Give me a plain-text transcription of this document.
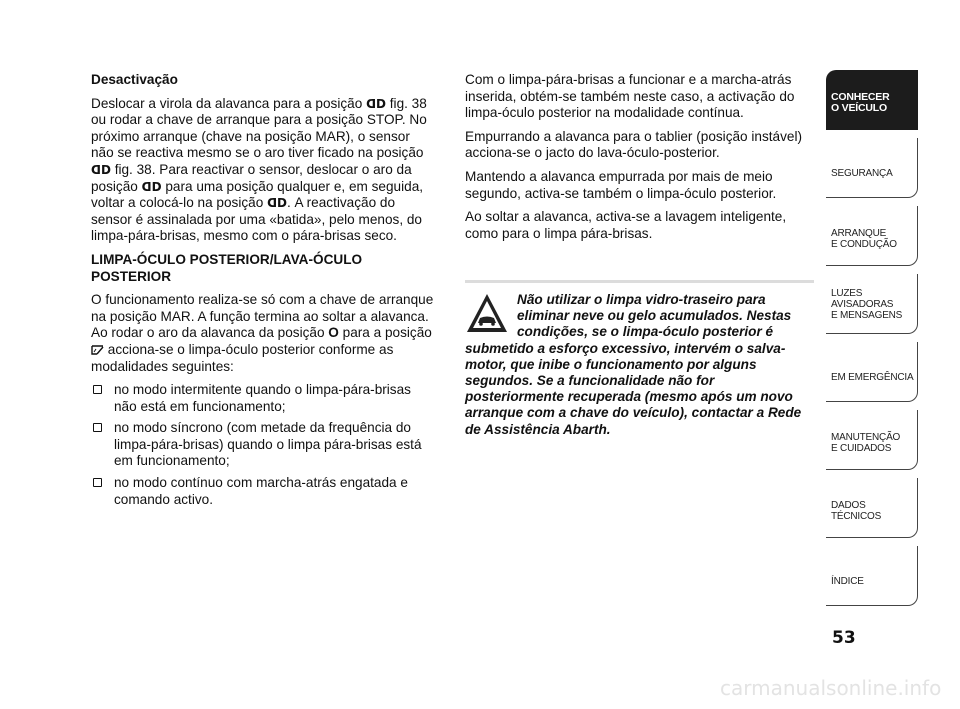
Desactivação

Deslocar a virola da alavanca para a posição ᗡᗞ fig. 38 ou rodar a chave de arranque para a posição STOP. No próximo arranque (chave na posição MAR), o sensor não se reactiva mesmo se o aro tiver ficado na posição ᗡᗞ fig. 38. Para reactivar o sensor, deslocar o aro da posição ᗡᗞ para uma posição qualquer e, em seguida, voltar a colocá-lo na posição ᗡᗞ. A reactivação do sensor é assinalada por uma «batida», pelo menos, do limpa-pára-brisas, mesmo com o pára-brisas seco.

LIMPA-ÓCULO POSTERIOR/LAVA-ÓCULO POSTERIOR

O funcionamento realiza-se só com a chave de arranque na posição MAR. A função termina ao soltar a alavanca. Ao rodar o aro da alavanca da posição O para a posição  acciona-se o limpa-óculo posterior conforme as modalidades seguintes:

no modo intermitente quando o limpa-pára-brisas não está em funcionamento;
no modo síncrono (com metade da frequência do limpa-pára-brisas) quando o limpa pára-brisas está em funcionamento;
no modo contínuo com marcha-atrás engatada e comando activo.

Com o limpa-pára-brisas a funcionar e a marcha-atrás inserida, obtém-se também neste caso, a activação do limpa-óculo posterior na modalidade contínua.

Empurrando a alavanca para o tablier (posição instável) acciona-se o jacto do lava-óculo-posterior.

Mantendo a alavanca empurrada por mais de meio segundo, activa-se também o limpa-óculo posterior.

Ao soltar a alavanca, activa-se a lavagem inteligente, como para o limpa pára-brisas.

Não utilizar o limpa vidro-traseiro para eliminar neve ou gelo acumulados. Nestas condições, se o limpa-óculo posterior é submetido a esforço excessivo, intervém o salva-motor, que inibe o funcionamento por alguns segundos. Se a funcionalidade não for posteriormente recuperada (mesmo após um novo arranque com a chave do veículo), contactar a Rede de Assistência Abarth.
CONHECER
O VEÍCULO
SEGURANÇA
ARRANQUE
E CONDUÇÃO
LUZES
AVISADORAS
E MENSAGENS
EM EMERGÊNCIA
MANUTENÇÃO
E CUIDADOS
DADOS
TÉCNICOS
ÍNDICE
53
carmanualsonline.info
